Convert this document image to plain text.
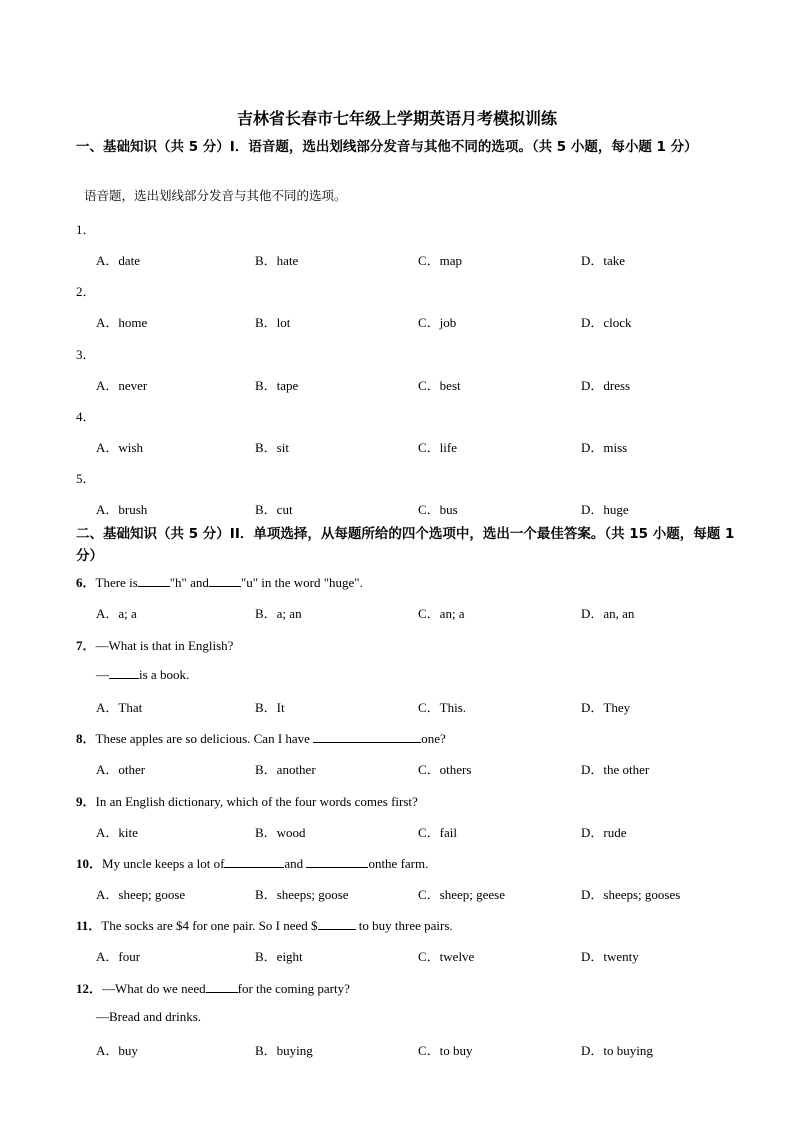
吉林省长春市七年级上学期英语月考模拟训练
一、基础知识（共 5 分）I．语音题，选出划线部分发音与其他不同的选项。（共 5 小题，每小题 1 分）
语音题，选出划线部分发音与其他不同的选项。
1．
A．date	B．hate	C．map	D．take
2．
A．home	B．lot	C．job	D．clock
3．
A．never	B．tape	C．best	D．dress
4．
A．wish	B．sit	C．life	D．miss
5．
A．brush	B．cut	C．bus	D．huge
二、基础知识（共 5 分）II．单项选择，从每题所给的四个选项中，选出一个最佳答案。（共 15 小题，每题 1 分）
6．There is "h" and "u" in the word "huge".
A．a; a	B．a; an	C．an; a	D．an, an
7．—What is that in English?
— is a book.
A．That	B．It	C．This.	D．They
8．These apples are so delicious. Can I have	one?
A．other	B．another	C．others	D．the other
9．In an English dictionary, which of the four words comes first?
A．kite	B．wood	C．fail	D．rude
10．My uncle keeps a lot of	and	onthe farm.
A．sheep; goose	B．sheeps; goose	C．sheep; geese	D．sheeps; gooses
11．The socks are $4 for one pair. So I need $	to buy three pairs.
A．four	B．eight	C．twelve	D．twenty
12．—What do we need for the coming party?
—Bread and drinks.
A．buy	B．buying	C．to buy	D．to buying
